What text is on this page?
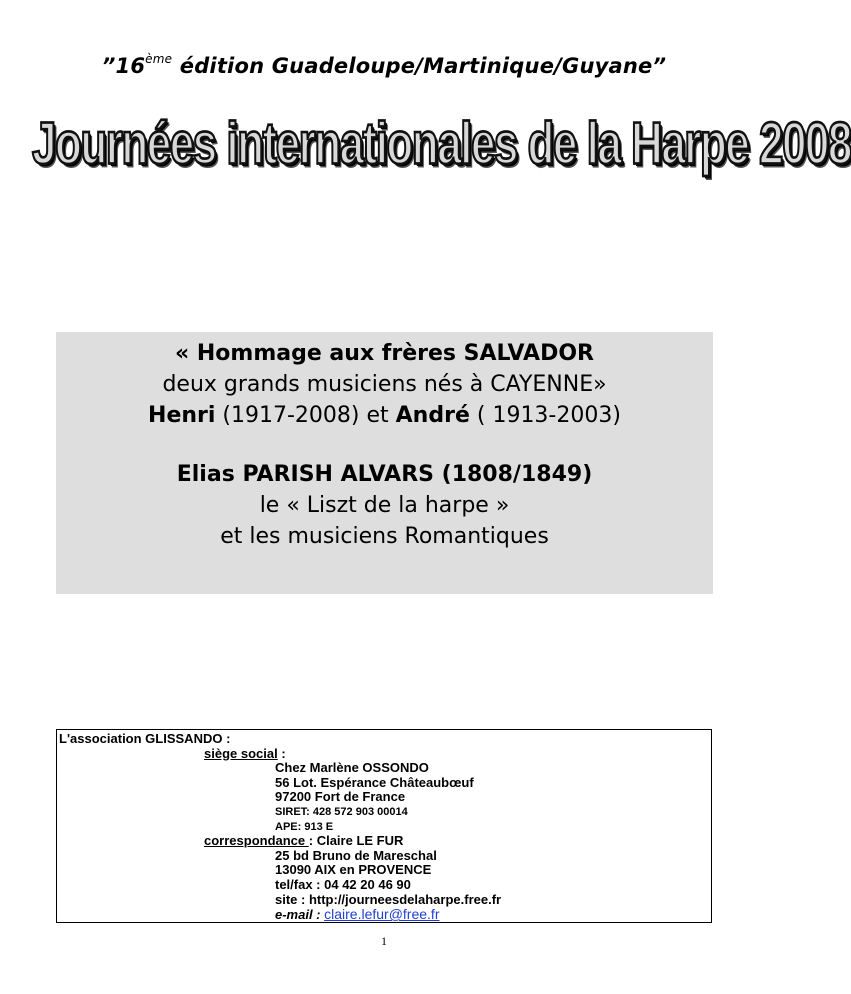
”16ème édition Guadeloupe/Martinique/Guyane”
Journées internationales de la Harpe 2008
« Hommage aux frères SALVADOR
deux grands musiciens nés à CAYENNE»
Henri (1917-2008) et André ( 1913-2003)
Elias PARISH ALVARS (1808/1849)
le « Liszt de la harpe »
et les musiciens Romantiques
L'association GLISSANDO :
siège social :
Chez Marlène OSSONDO
56 Lot. Espérance Châteaubœuf
97200 Fort de France
SIRET: 428 572 903 00014
APE: 913 E
correspondance : Claire LE FUR
25 bd Bruno de Mareschal
13090 AIX en PROVENCE
tel/fax : 04 42 20 46 90
site : http://journeesdelaharpe.free.fr
e-mail : claire.lefur@free.fr
1
